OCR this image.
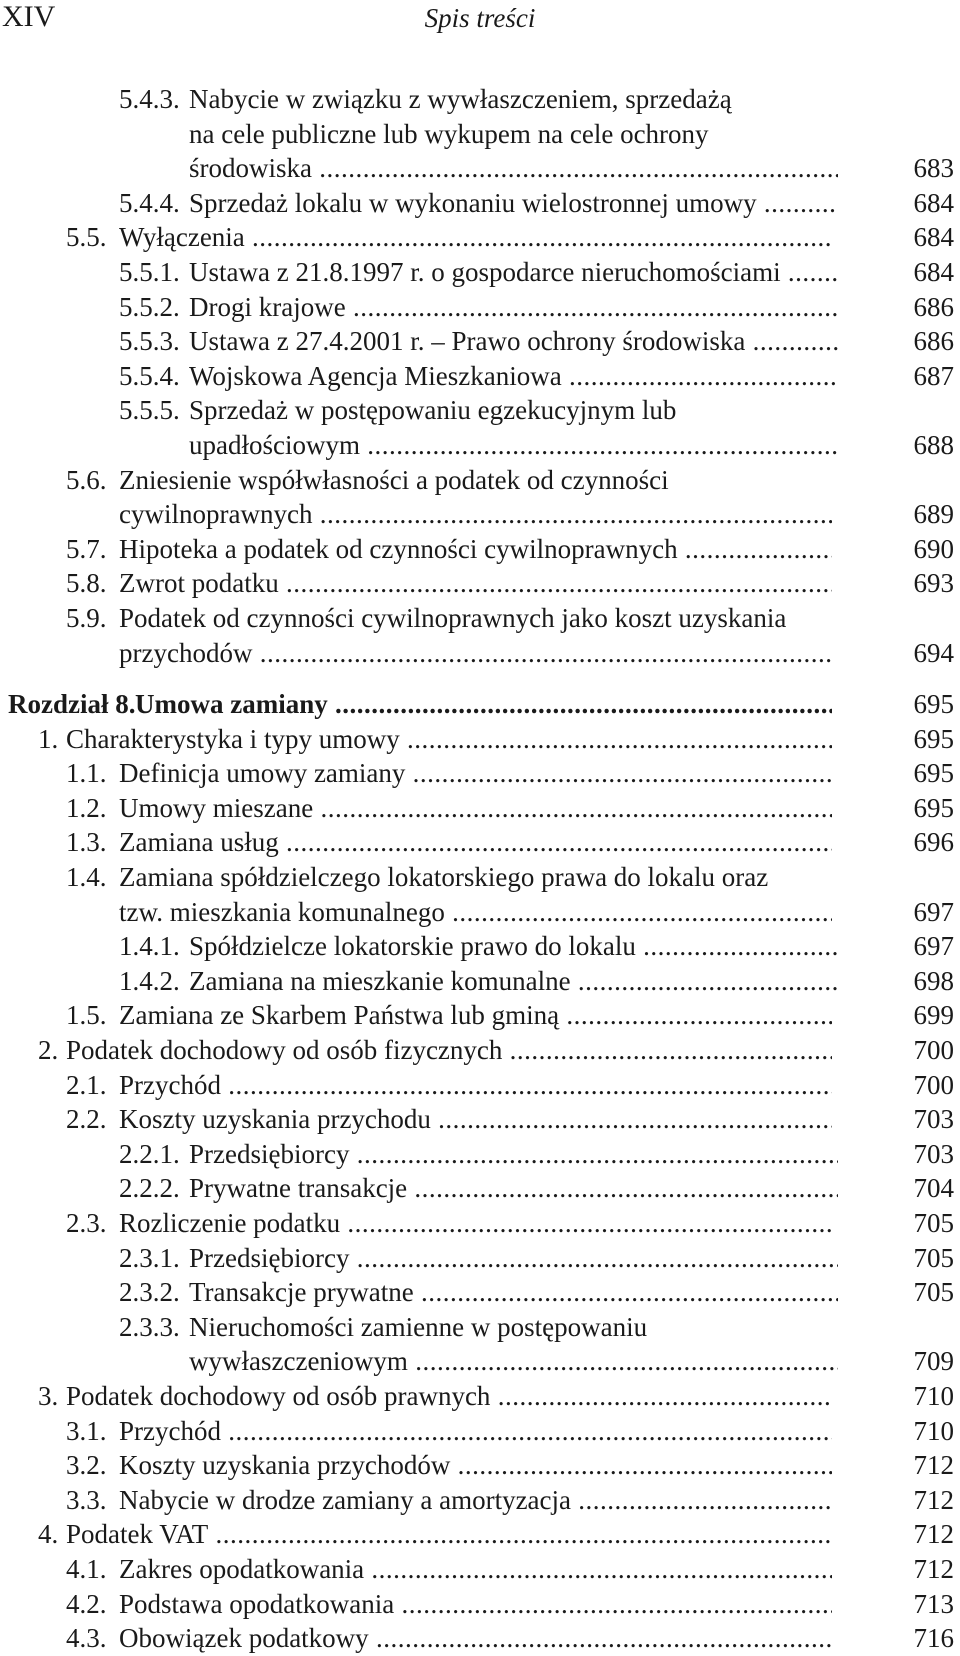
XIV	Spis treści
5.4.3. Nabycie w związku z wywłaszczeniem, sprzedażą
na cele publiczne lub wykupem na cele ochrony
środowiska .....	683
5.4.4. Sprzedaż lokalu w wykonaniu wielostronnej umowy .....	684
5.5. Wyłączenia .....	684
5.5.1. Ustawa z 21.8.1997 r. o gospodarce nieruchomościami .....	684
5.5.2. Drogi krajowe .....	686
5.5.3. Ustawa z 27.4.2001 r. – Prawo ochrony środowiska .....	686
5.5.4. Wojskowa Agencja Mieszkaniowa .....	687
5.5.5. Sprzedaż w postępowaniu egzekucyjnym lub
upadłościowym .....	688
5.6. Zniesienie współwłasności a podatek od czynności
cywilnoprawnych .....	689
5.7. Hipoteka a podatek od czynności cywilnoprawnych .....	690
5.8. Zwrot podatku .....	693
5.9. Podatek od czynności cywilnoprawnych jako koszt uzyskania
przychodów .....	694
Rozdział 8. Umowa zamiany .....	695
1. Charakterystyka i typy umowy .....	695
1.1. Definicja umowy zamiany .....	695
1.2. Umowy mieszane .....	695
1.3. Zamiana usług .....	696
1.4. Zamiana spółdzielczego lokatorskiego prawa do lokalu oraz
tzw. mieszkania komunalnego .....	697
1.4.1. Spółdzielcze lokatorskie prawo do lokalu .....	697
1.4.2. Zamiana na mieszkanie komunalne .....	698
1.5. Zamiana ze Skarbem Państwa lub gminą .....	699
2. Podatek dochodowy od osób fizycznych .....	700
2.1. Przychód .....	700
2.2. Koszty uzyskania przychodu .....	703
2.2.1. Przedsiębiorcy .....	703
2.2.2. Prywatne transakcje .....	704
2.3. Rozliczenie podatku .....	705
2.3.1. Przedsiębiorcy .....	705
2.3.2. Transakcje prywatne .....	705
2.3.3. Nieruchomości zamienne w postępowaniu
wywłaszczeniowym .....	709
3. Podatek dochodowy od osób prawnych .....	710
3.1. Przychód .....	710
3.2. Koszty uzyskania przychodów .....	712
3.3. Nabycie w drodze zamiany a amortyzacja .....	712
4. Podatek VAT .....	712
4.1. Zakres opodatkowania .....	712
4.2. Podstawa opodatkowania .....	713
4.3. Obowiązek podatkowy .....	716
